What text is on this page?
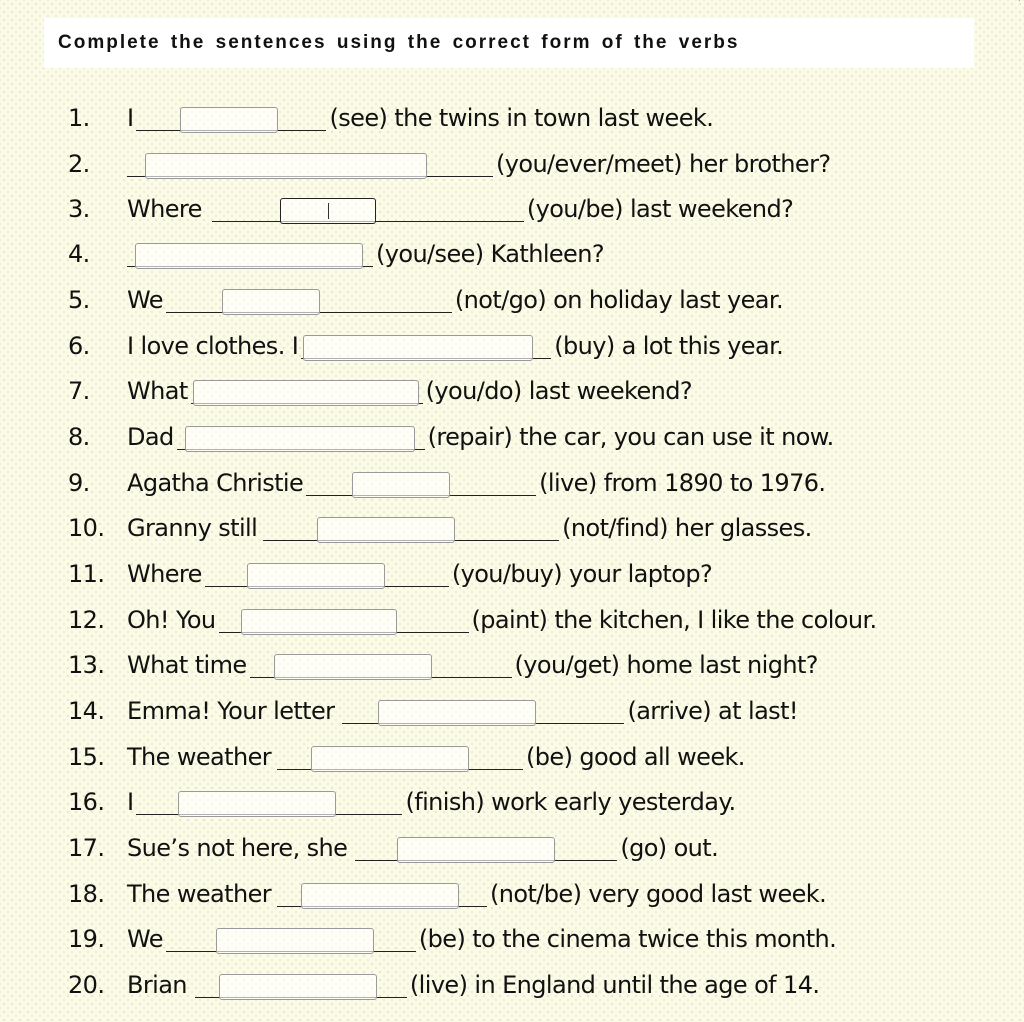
Complete the sentences using the correct form of the verbs
1.	I	(see) the twins in town last week.
2.	(you/ever/meet) her brother?
3.	Where	(you/be) last weekend?
4.	(you/see) Kathleen?
5.	We	(not/go) on holiday last year.
6.	I love clothes. I	(buy) a lot this year.
7.	What	(you/do) last weekend?
8.	Dad	(repair) the car, you can use it now.
9.	Agatha Christie	(live) from 1890 to 1976.
10. Granny still	(not/find) her glasses.
11. Where	(you/buy) your laptop?
12. Oh! You	(paint) the kitchen, I like the colour.
13. What time	(you/get) home last night?
14. Emma! Your letter	(arrive) at last!
15. The weather	(be) good all week.
16. I	(finish) work early yesterday.
17. Sue’s not here, she	(go) out.
18. The weather	(not/be) very good last week.
19. We	(be) to the cinema twice this month.
20. Brian	(live) in England until the age of 14.
